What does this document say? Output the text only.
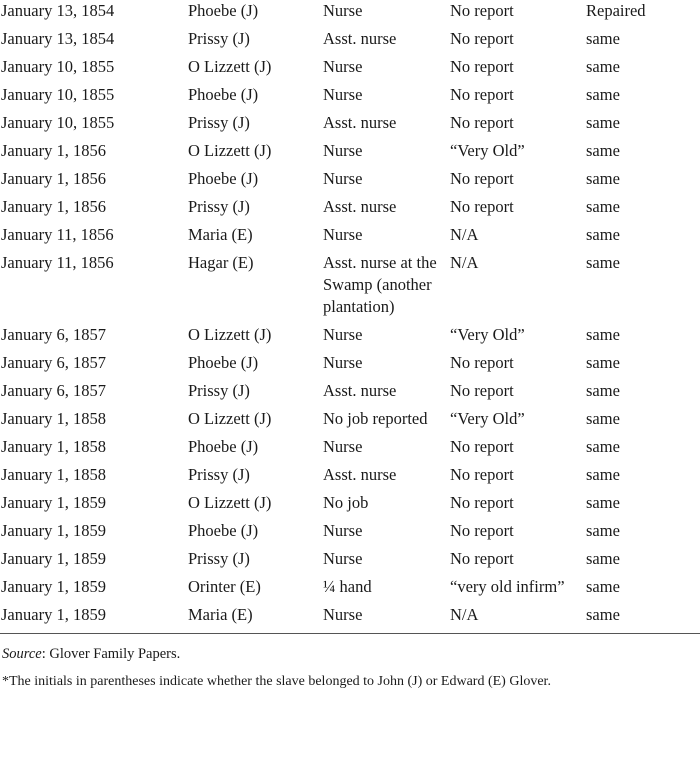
January 13, 1854	Phoebe (J)	Nurse	No report	Repaired
January 13, 1854	Prissy (J)	Asst. nurse	No report	same
January 10, 1855	O Lizzett (J)	Nurse	No report	same
January 10, 1855	Phoebe (J)	Nurse	No report	same
January 10, 1855	Prissy (J)	Asst. nurse	No report	same
January 1, 1856	O Lizzett (J)	Nurse	“Very Old”	same
January 1, 1856	Phoebe (J)	Nurse	No report	same
January 1, 1856	Prissy (J)	Asst. nurse	No report	same
January 11, 1856	Maria (E)	Nurse	N/A	same
January 11, 1856	Hagar (E)	Asst. nurse at the Swamp (another plantation)	N/A	same
January 6, 1857	O Lizzett (J)	Nurse	“Very Old”	same
January 6, 1857	Phoebe (J)	Nurse	No report	same
January 6, 1857	Prissy (J)	Asst. nurse	No report	same
January 1, 1858	O Lizzett (J)	No job reported	“Very Old”	same
January 1, 1858	Phoebe (J)	Nurse	No report	same
January 1, 1858	Prissy (J)	Asst. nurse	No report	same
January 1, 1859	O Lizzett (J)	No job	No report	same
January 1, 1859	Phoebe (J)	Nurse	No report	same
January 1, 1859	Prissy (J)	Nurse	No report	same
January 1, 1859	Orinter (E)	¼ hand	“very old infirm”	same
January 1, 1859	Maria (E)	Nurse	N/A	same

Source: Glover Family Papers.

*The initials in parentheses indicate whether the slave belonged to John (J) or Edward (E) Glover.
